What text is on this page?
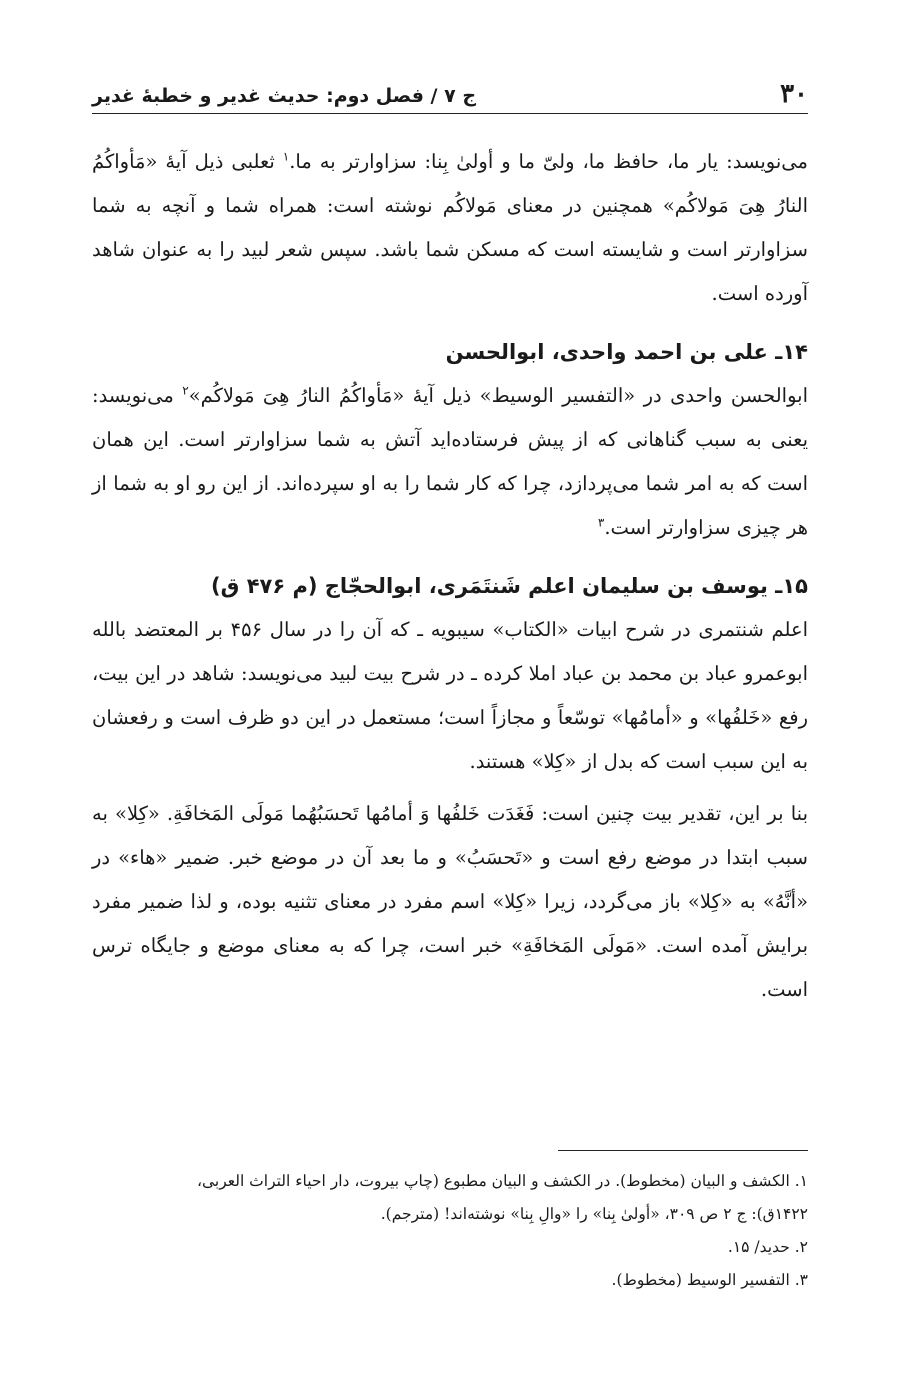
۳۰
ج ۷ / فصل دوم: حدیث غدیر و خطبهٔ غدیر

می‌نویسد: یار ما، حافظ ما، ولیّ ما و أولیٰ بِنا: سزاوارتر به ما.$^۱$ ثعلبی ذیل آیهٔ «مَأواکُمُ النارُ هِیَ مَولاکُم» همچنین در معنای مَولاکُم نوشته است: همراه شما و آنچه به شما سزاوارتر است و شایسته است که مسکن شما باشد. سپس شعر لبید را به عنوان شاهد آورده است.

۱۴ـ علی بن احمد واحدی، ابوالحسن

ابوالحسن واحدی در «التفسیر الوسیط» ذیل آیهٔ «مَأواکُمُ النارُ هِیَ مَولاکُم»$^۲$ می‌نویسد: یعنی به سبب گناهانی که از پیش فرستاده‌اید آتش به شما سزاوارتر است. این همان است که به امر شما می‌پردازد، چرا که کار شما را به او سپرده‌اند. از این رو او به شما از هر چیزی سزاوارتر است.$^۳$

۱۵ـ یوسف بن سلیمان اعلم شَنتَمَری، ابوالحجّاج (م ۴۷۶ ق)

اعلم شنتمری در شرح ابیات «الکتاب» سیبویه ـ که آن را در سال ۴۵۶ بر المعتضد بالله ابوعمرو عباد بن محمد بن عباد املا کرده ـ در شرح بیت لبید می‌نویسد: شاهد در این بیت، رفع «خَلفُها» و «أمامُها» توسّعاً و مجازاً است؛ مستعمل در این دو ظرف است و رفعشان به این سبب است که بدل از «کِلا» هستند.

بنا بر این، تقدیر بیت چنین است: فَغَدَت خَلفُها وَ أمامُها تَحسَبُهُما مَولَی المَخافَةِ. «کِلا» به سبب ابتدا در موضع رفع است و «تَحسَبُ» و ما بعد آن در موضع خبر. ضمیر «هاء» در «أنَّهُ» به «کِلا» باز می‌گردد، زیرا «کِلا» اسم مفرد در معنای تثنیه بوده، و لذا ضمیر مفرد برایش آمده است. «مَولَی المَخافَةِ» خبر است، چرا که به معنای موضع و جایگاه ترس است.

۱. الکشف و البیان (مخطوط). در الکشف و البیان مطبوع (چاپ بیروت، دار احیاء التراث العربی،

۱۴۲۲ق): ج ۲ ص ۳۰۹، «أولیٰ بِنا» را «والِ بِنا» نوشته‌اند! (مترجم).

۲. حدید/ ۱۵.

۳. التفسیر الوسیط (مخطوط).
